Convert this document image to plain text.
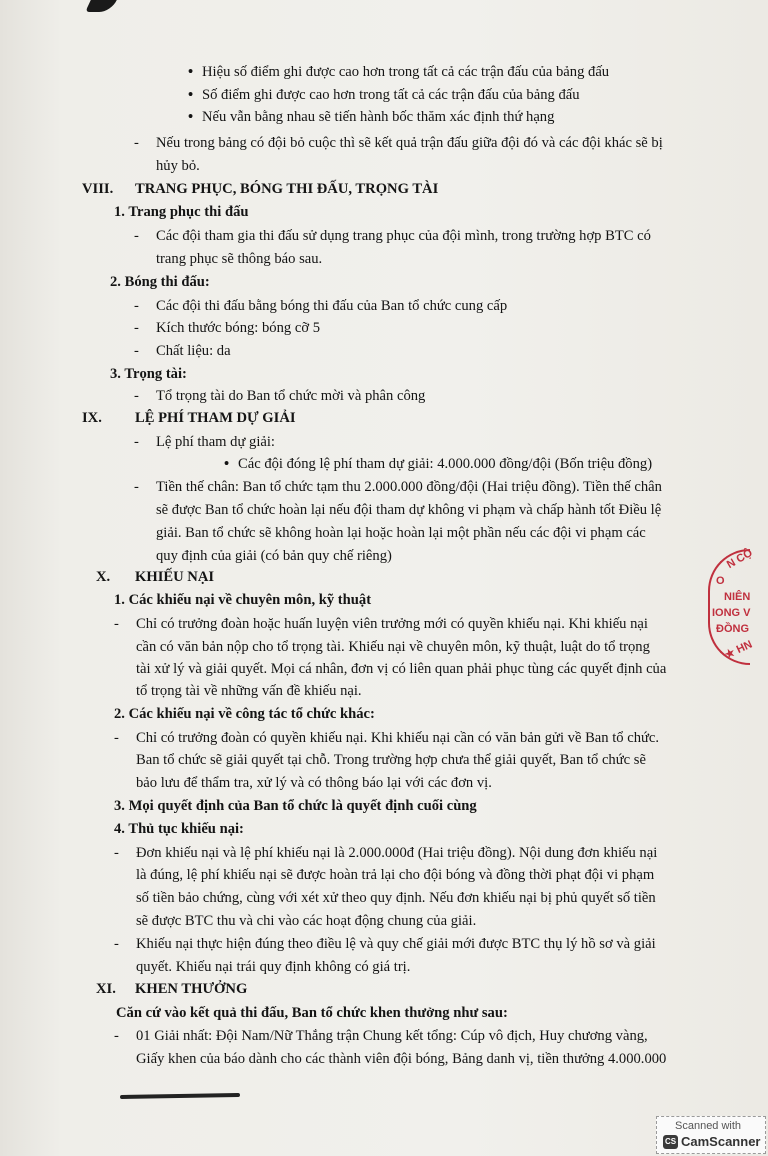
• Hiệu số điểm ghi được cao hơn trong tất cả các trận đấu của bảng đấu
• Số điểm ghi được cao hơn trong tất cả các trận đấu của bảng đấu
• Nếu vẫn bằng nhau sẽ tiến hành bốc thăm xác định thứ hạng
- Nếu trong bảng có đội bỏ cuộc thì sẽ kết quả trận đấu giữa đội đó và các đội khác sẽ bị
hủy bỏ.
VIII. TRANG PHỤC, BÓNG THI ĐẤU, TRỌNG TÀI
1. Trang phục thi đấu
- Các đội tham gia thi đấu sử dụng trang phục của đội mình, trong trường hợp BTC có
trang phục sẽ thông báo sau.
2. Bóng thi đấu:
- Các đội thi đấu bằng bóng thi đấu của Ban tổ chức cung cấp
- Kích thước bóng: bóng cỡ 5
- Chất liệu: da
3. Trọng tài:
- Tổ trọng tài do Ban tổ chức mời và phân công
IX. LỆ PHÍ THAM DỰ GIẢI
- Lệ phí tham dự giải:
• Các đội đóng lệ phí tham dự giải: 4.000.000 đồng/đội (Bốn triệu đồng)
- Tiền thế chân: Ban tổ chức tạm thu 2.000.000 đồng/đội (Hai triệu đồng). Tiền thế chân
sẽ được Ban tổ chức hoàn lại nếu đội tham dự không vi phạm và chấp hành tốt Điều lệ
giải. Ban tổ chức sẽ không hoàn lại hoặc hoàn lại một phần nếu các đội vi phạm các
quy định của giải (có bản quy chế riêng)
X. KHIẾU NẠI
1. Các khiếu nại về chuyên môn, kỹ thuật
- Chỉ có trưởng đoàn hoặc huấn luyện viên trưởng mới có quyền khiếu nại. Khi khiếu nại
cần có văn bản nộp cho tổ trọng tài. Khiếu nại về chuyên môn, kỹ thuật, luật do tổ trọng
tài xử lý và giải quyết. Mọi cá nhân, đơn vị có liên quan phải phục tùng các quyết định của
tổ trọng tài về những vấn đề khiếu nại.
2. Các khiếu nại về công tác tổ chức khác:
- Chỉ có trưởng đoàn có quyền khiếu nại. Khi khiếu nại cần có văn bản gửi về Ban tổ chức.
Ban tổ chức sẽ giải quyết tại chỗ. Trong trường hợp chưa thể giải quyết, Ban tổ chức sẽ
bảo lưu để thẩm tra, xử lý và có thông báo lại với các đơn vị.
3. Mọi quyết định của Ban tổ chức là quyết định cuối cùng
4. Thủ tục khiếu nại:
- Đơn khiếu nại và lệ phí khiếu nại là 2.000.000đ (Hai triệu đồng). Nội dung đơn khiếu nại
là đúng, lệ phí khiếu nại sẽ được hoàn trả lại cho đội bóng và đồng thời phạt đội vi phạm
số tiền bảo chứng, cùng với xét xử theo quy định. Nếu đơn khiếu nại bị phủ quyết số tiền
sẽ được BTC thu và chi vào các hoạt động chung của giải.
- Khiếu nại thực hiện đúng theo điều lệ và quy chế giải mới được BTC thụ lý hồ sơ và giải
quyết. Khiếu nại trái quy định không có giá trị.
XI. KHEN THƯỞNG
Căn cứ vào kết quả thi đấu, Ban tổ chức khen thưởng như sau:
- 01 Giải nhất: Đội Nam/Nữ Thắng trận Chung kết tổng: Cúp vô địch, Huy chương vàng,
Giấy khen của báo dành cho các thành viên đội bóng, Bảng danh vị, tiền thưởng 4.000.000
N CỘ
O
NIÊN
IONG V
ĐỒNG
★ HN
Scanned with
CS CamScanner
